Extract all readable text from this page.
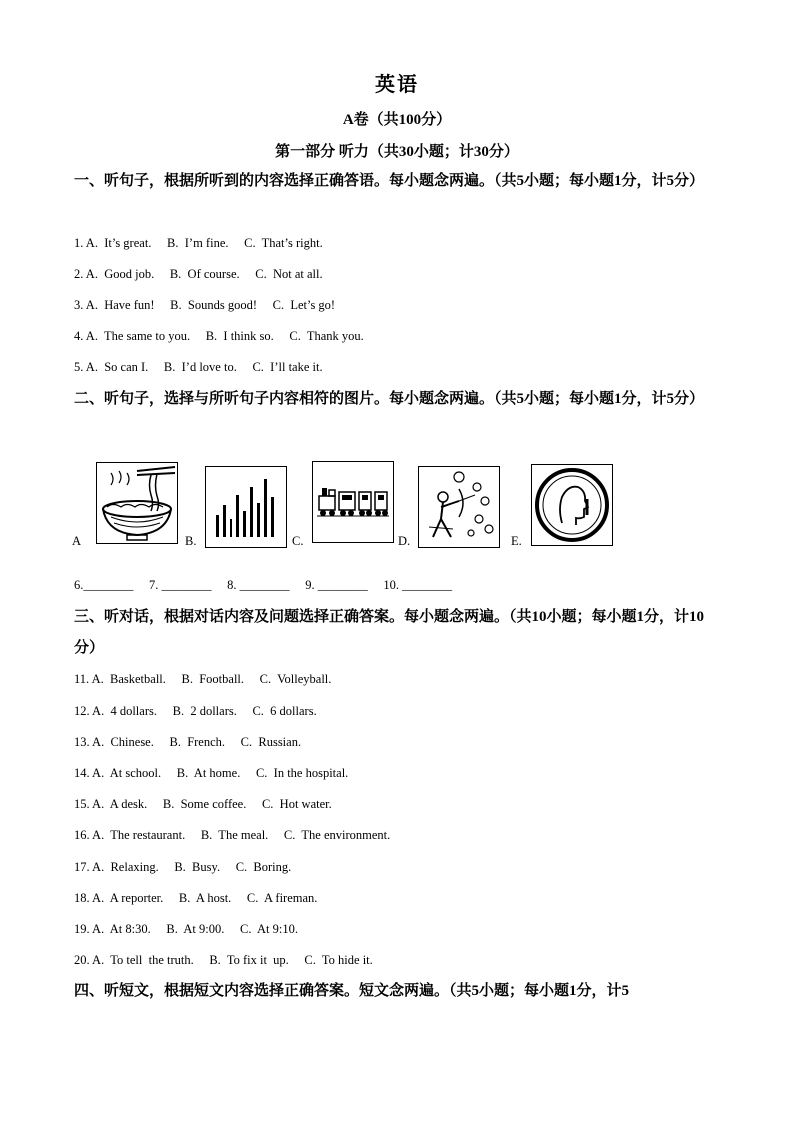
英语
A卷（共100分）
第一部分 听力（共30小题；计30分）
一、听句子，根据所听到的内容选择正确答语。每小题念两遍。（共5小题；每小题1分，计5分）
1. A.  It’s great.     B.  I’m fine.     C.  That’s right.
2. A.  Good job.     B.  Of course.     C.  Not at all.
3. A.  Have fun!     B.  Sounds good!     C.  Let’s go!
4. A.  The same to you.     B.  I think so.     C.  Thank you.
5. A.  So can I.     B.  I’d love to.     C.  I’ll take it.
二、听句子，选择与所听句子内容相符的图片。每小题念两遍。（共5小题；每小题1分，计5分）
A	B.	C.	D.	E.
6.________     7. ________     8. ________     9. ________     10. ________
三、听对话，根据对话内容及问题选择正确答案。每小题念两遍。（共10小题；每小题1分，计10分）
11. A.  Basketball.     B.  Football.     C.  Volleyball.
12. A.  4 dollars.     B.  2 dollars.     C.  6 dollars.
13. A.  Chinese.     B.  French.     C.  Russian.
14. A.  At school.     B.  At home.     C.  In the hospital.
15. A.  A desk.     B.  Some coffee.     C.  Hot water.
16. A.  The restaurant.     B.  The meal.     C.  The environment.
17. A.  Relaxing.     B.  Busy.     C.  Boring.
18. A.  A reporter.     B.  A host.     C.  A fireman.
19. A.  At 8:30.     B.  At 9:00.     C.  At 9:10.
20. A.  To tell  the truth.     B.  To fix it  up.     C.  To hide it.
四、听短文，根据短文内容选择正确答案。短文念两遍。（共5小题；每小题1分，计5
